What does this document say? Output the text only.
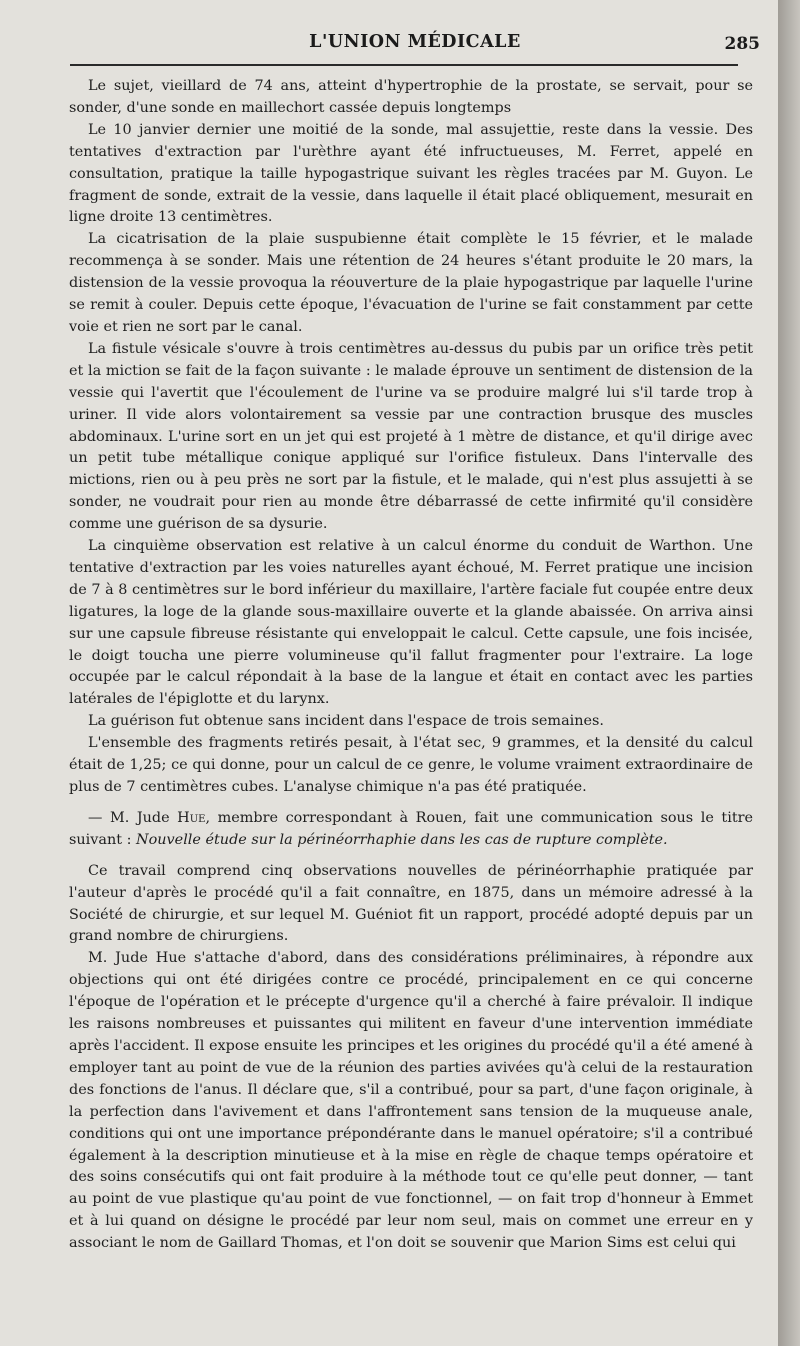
L'UNION MÉDICALE	285

Le sujet, vieillard de 74 ans, atteint d'hypertrophie de la prostate, se servait, pour se sonder, d'une sonde en maillechort cassée depuis longtemps

Le 10 janvier dernier une moitié de la sonde, mal assujettie, reste dans la vessie. Des tentatives d'extraction par l'urèthre ayant été infructueuses, M. Ferret, appelé en consultation, pratique la taille hypogastrique suivant les règles tracées par M. Guyon. Le fragment de sonde, extrait de la vessie, dans laquelle il était placé obliquement, mesurait en ligne droite 13 centimètres.

La cicatrisation de la plaie suspubienne était complète le 15 février, et le malade recommença à se sonder. Mais une rétention de 24 heures s'étant produite le 20 mars, la distension de la vessie provoqua la réouverture de la plaie hypogastrique par laquelle l'urine se remit à couler. Depuis cette époque, l'évacuation de l'urine se fait constamment par cette voie et rien ne sort par le canal.

La fistule vésicale s'ouvre à trois centimètres au-dessus du pubis par un orifice très petit et la miction se fait de la façon suivante : le malade éprouve un sentiment de distension de la vessie qui l'avertit que l'écoulement de l'urine va se produire malgré lui s'il tarde trop à uriner. Il vide alors volontairement sa vessie par une contraction brusque des muscles abdominaux. L'urine sort en un jet qui est projeté à 1 mètre de distance, et qu'il dirige avec un petit tube métallique conique appliqué sur l'orifice fistuleux. Dans l'intervalle des mictions, rien ou à peu près ne sort par la fistule, et le malade, qui n'est plus assujetti à se sonder, ne voudrait pour rien au monde être débarrassé de cette infirmité qu'il considère comme une guérison de sa dysurie.

La cinquième observation est relative à un calcul énorme du conduit de Warthon. Une tentative d'extraction par les voies naturelles ayant échoué, M. Ferret pratique une incision de 7 à 8 centimètres sur le bord inférieur du maxillaire, l'artère faciale fut coupée entre deux ligatures, la loge de la glande sous-maxillaire ouverte et la glande abaissée. On arriva ainsi sur une capsule fibreuse résistante qui enveloppait le calcul. Cette capsule, une fois incisée, le doigt toucha une pierre volumineuse qu'il fallut fragmenter pour l'extraire. La loge occupée par le calcul répondait à la base de la langue et était en contact avec les parties latérales de l'épiglotte et du larynx.

La guérison fut obtenue sans incident dans l'espace de trois semaines.

L'ensemble des fragments retirés pesait, à l'état sec, 9 grammes, et la densité du calcul était de 1,25; ce qui donne, pour un calcul de ce genre, le volume vraiment extraordinaire de plus de 7 centimètres cubes. L'analyse chimique n'a pas été pratiquée.

— M. Jude Hue, membre correspondant à Rouen, fait une communication sous le titre suivant : Nouvelle étude sur la périnéorrhaphie dans les cas de rupture complète.

Ce travail comprend cinq observations nouvelles de périnéorrhaphie pratiquée par l'auteur d'après le procédé qu'il a fait connaître, en 1875, dans un mémoire adressé à la Société de chirurgie, et sur lequel M. Guéniot fit un rapport, procédé adopté depuis par un grand nombre de chirurgiens.

M. Jude Hue s'attache d'abord, dans des considérations préliminaires, à répondre aux objections qui ont été dirigées contre ce procédé, principalement en ce qui concerne l'époque de l'opération et le précepte d'urgence qu'il a cherché à faire prévaloir. Il indique les raisons nombreuses et puissantes qui militent en faveur d'une intervention immédiate après l'accident. Il expose ensuite les principes et les origines du procédé qu'il a été amené à employer tant au point de vue de la réunion des parties avivées qu'à celui de la restauration des fonctions de l'anus. Il déclare que, s'il a contribué, pour sa part, d'une façon originale, à la perfection dans l'avivement et dans l'affrontement sans tension de la muqueuse anale, conditions qui ont une importance prépondérante dans le manuel opératoire; s'il a contribué également à la description minutieuse et à la mise en règle de chaque temps opératoire et des soins consécutifs qui ont fait produire à la méthode tout ce qu'elle peut donner, — tant au point de vue plastique qu'au point de vue fonctionnel, — on fait trop d'honneur à Emmet et à lui quand on désigne le procédé par leur nom seul, mais on commet une erreur en y associant le nom de Gaillard Thomas, et l'on doit se souvenir que Marion Sims est celui qui
